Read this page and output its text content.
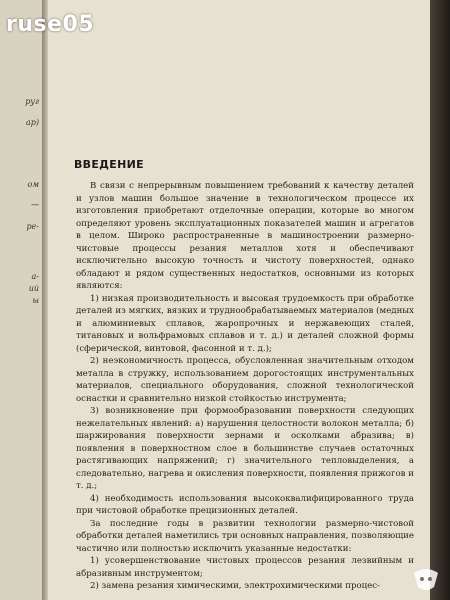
руг
ар)
ом
—
ре-
а-
ий
ы
ruse05
ВВЕДЕНИЕ

В связи с непрерывным повышением требований к качеству деталей и узлов машин большое значение в технологическом процессе их изготовления приобретают отделочные операции, которые во многом определяют уровень эксплуатационных показателей машин и агрегатов в целом. Широко распространенные в машиностроении размерно-чистовые процессы резания металлов хотя и обеспечивают исключительно высокую точность и чистоту поверхностей, однако обладают и рядом существенных недостатков, основными из которых являются:

1) низкая производительность и высокая трудоемкость при обработке деталей из мягких, вязких и труднообрабатываемых материалов (медных и алюминиевых сплавов, жаропрочных и нержавеющих сталей, титановых и вольфрамовых сплавов и т. д.) и деталей сложной формы (сферической, винтовой, фасонной и т. д.);

2) неэкономичность процесса, обусловленная значительным отходом металла в стружку, использованием дорогостоящих инструментальных материалов, специального оборудования, сложной технологической оснастки и сравнительно низкой стойкостью инструмента;

3) возникновение при формообразовании поверхности следующих нежелательных явлений: а) нарушения целостности волокон металла; б) шаржирования поверхности зернами и осколками абразива; в) появления в поверхностном слое в большинстве случаев остаточных растягивающих напряжений; г) значительного тепловыделения, а следовательно, нагрева и окисления поверхности, появления прижогов и т. д.;

4) необходимость использования высококвалифицированного труда при чистовой обработке прецизионных деталей.

За последние годы в развитии технологии размерно-чистовой обработки деталей наметились три основных направления, позволяющие частично или полностью исключить указанные недостатки:

1) усовершенствование чистовых процессов резания лезвийным и абразивным инструментом;

2) замена резания химическими, электрохимическими процес-
